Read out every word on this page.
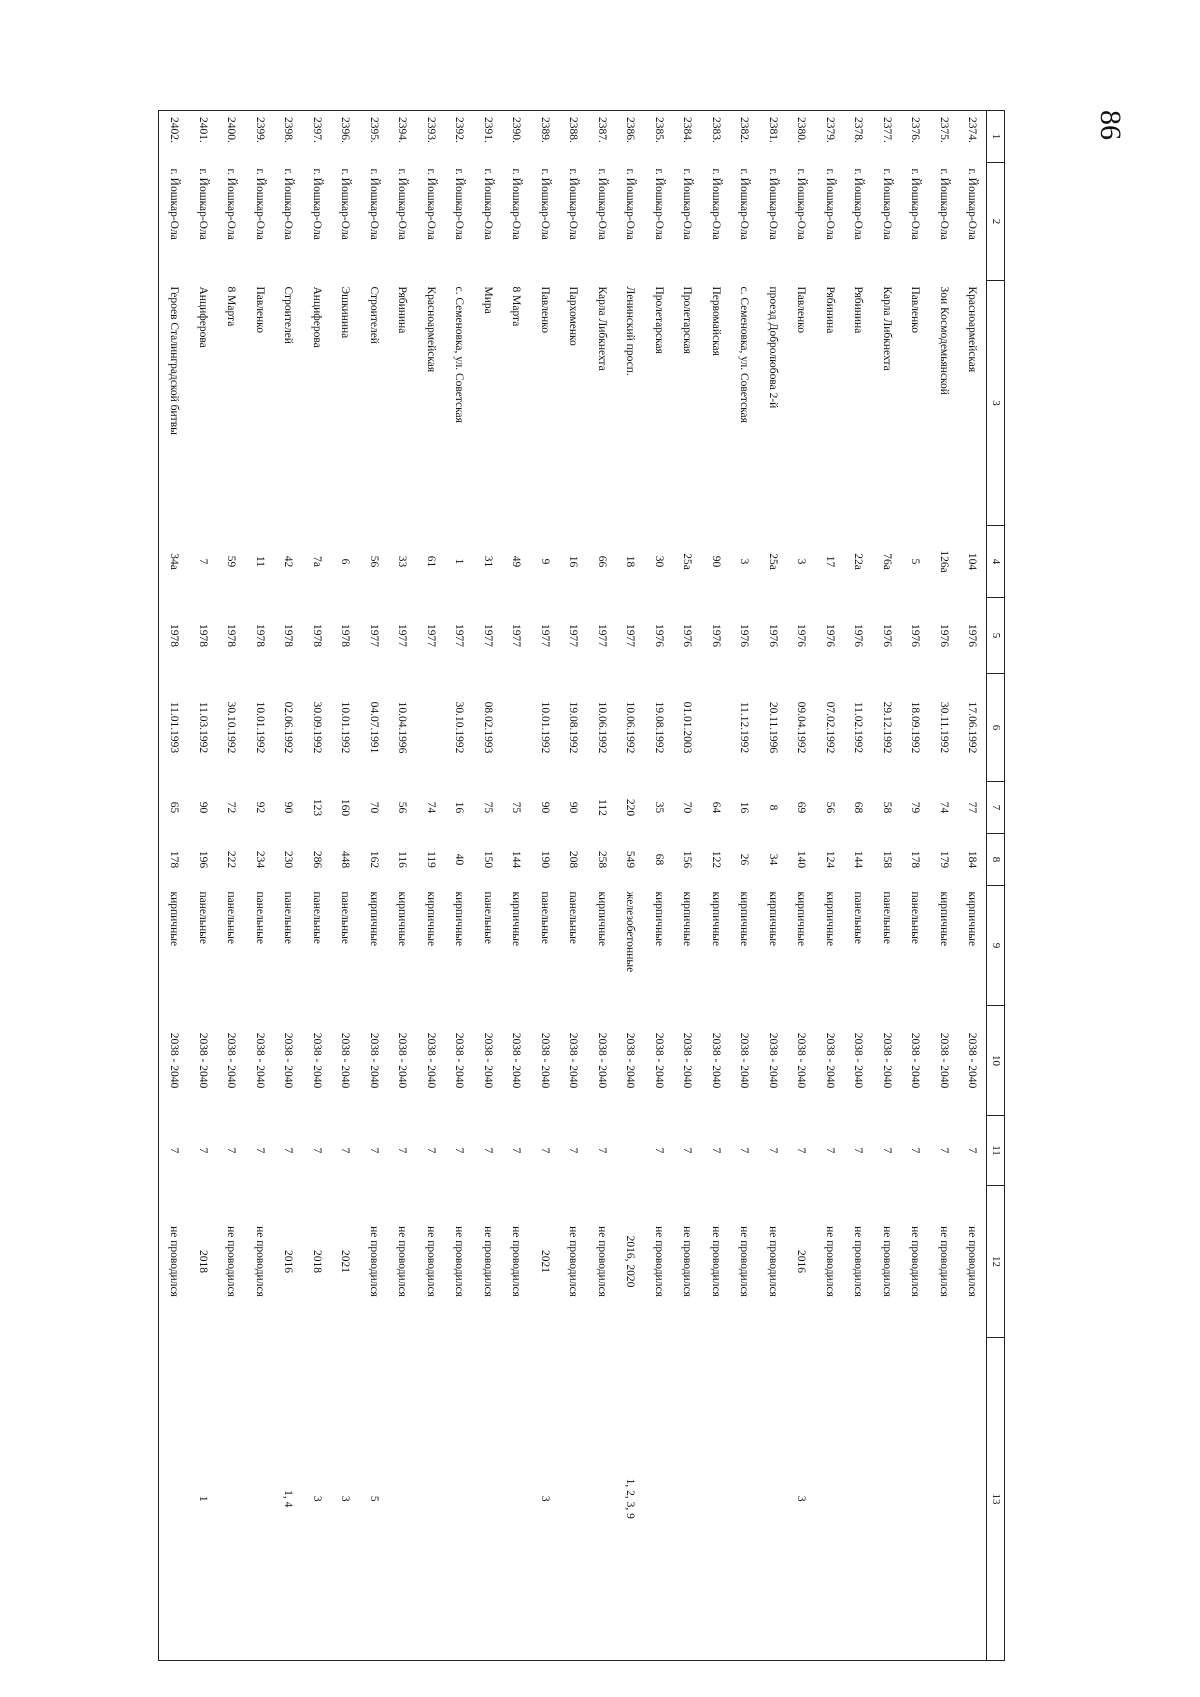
86
1	2	3	4	5	6	7	8	9	10	11	12	13
2374.	г. Йошкар-Ола	Красноармейская	104	1976	17.06.1992	77	184	кирпичные	2038 - 2040	7	не проводился	
2375.	г. Йошкар-Ола	Зои Космодемьянской	126а	1976	30.11.1992	74	179	кирпичные	2038 - 2040	7	не проводился	
2376.	г. Йошкар-Ола	Павленко	5	1976	18.09.1992	79	178	панельные	2038 - 2040	7	не проводился	
2377.	г. Йошкар-Ола	Карла Либкнехта	76а	1976	29.12.1992	58	158	панельные	2038 - 2040	7	не проводился	
2378.	г. Йошкар-Ола	Рябинина	22а	1976	11.02.1992	68	144	панельные	2038 - 2040	7	не проводился	
2379.	г. Йошкар-Ола	Рябинина	17	1976	07.02.1992	56	124	кирпичные	2038 - 2040	7	не проводился	
2380.	г. Йошкар-Ола	Павленко	3	1976	09.04.1992	69	140	кирпичные	2038 - 2040	7	2016	3
2381.	г. Йошкар-Ола	проезд Добролюбова 2-й	25а	1976	20.11.1996	8	34	кирпичные	2038 - 2040	7	не проводился	
2382.	г. Йошкар-Ола	с. Семеновка, ул. Советская	3	1976	11.12.1992	16	26	кирпичные	2038 - 2040	7	не проводился	
2383.	г. Йошкар-Ола	Первомайская	90	1976		64	122	кирпичные	2038 - 2040	7	не проводился	
2384.	г. Йошкар-Ола	Пролетарская	25а	1976	01.01.2003	70	156	кирпичные	2038 - 2040	7	не проводился	
2385.	г. Йошкар-Ола	Пролетарская	30	1976	19.08.1992	35	68	кирпичные	2038 - 2040	7	не проводился	
2386.	г. Йошкар-Ола	Ленинский просп.	18	1977	10.06.1992	220	549	железобетонные	2038 - 2040		2016, 2020	1, 2, 3, 9
2387.	г. Йошкар-Ола	Карла Либкнехта	66	1977	10.06.1992	112	258	кирпичные	2038 - 2040	7	не проводился	
2388.	г. Йошкар-Ола	Пархоменко	16	1977	19.08.1992	90	208	панельные	2038 - 2040	7	не проводился	
2389.	г. Йошкар-Ола	Павленко	9	1977	10.01.1992	90	190	панельные	2038 - 2040	7	2021	3
2390.	г. Йошкар-Ола	8 Марта	49	1977		75	144	кирпичные	2038 - 2040	7	не проводился	
2391.	г. Йошкар-Ола	Мира	31	1977	08.02.1993	75	150	панельные	2038 - 2040	7	не проводился	
2392.	г. Йошкар-Ола	с. Семеновка, ул. Советская	1	1977	30.10.1992	16	40	кирпичные	2038 - 2040	7	не проводился	
2393.	г. Йошкар-Ола	Красноармейская	61	1977		74	119	кирпичные	2038 - 2040	7	не проводился	
2394.	г. Йошкар-Ола	Рябинина	33	1977	10.04.1996	56	116	кирпичные	2038 - 2040	7	не проводился	
2395.	г. Йошкар-Ола	Строителей	56	1977	04.07.1991	70	162	кирпичные	2038 - 2040	7	не проводился	5
2396.	г. Йошкар-Ола	Эшкинина	6	1978	10.01.1992	160	448	панельные	2038 - 2040	7	2021	3
2397.	г. Йошкар-Ола	Анциферова	7а	1978	30.09.1992	123	286	панельные	2038 - 2040	7	2018	3
2398.	г. Йошкар-Ола	Строителей	42	1978	02.06.1992	90	230	панельные	2038 - 2040	7	2016	1, 4
2399.	г. Йошкар-Ола	Павленко	11	1978	10.01.1992	92	234	панельные	2038 - 2040	7	не проводился	
2400.	г. Йошкар-Ола	8 Марта	59	1978	30.10.1992	72	222	панельные	2038 - 2040	7	не проводился	
2401.	г. Йошкар-Ола	Анциферова	7	1978	11.03.1992	90	196	панельные	2038 - 2040	7	2018	1
2402.	г. Йошкар-Ола	Героев Сталинградской битвы	34а	1978	11.01.1993	65	178	кирпичные	2038 - 2040	7	не проводился	
